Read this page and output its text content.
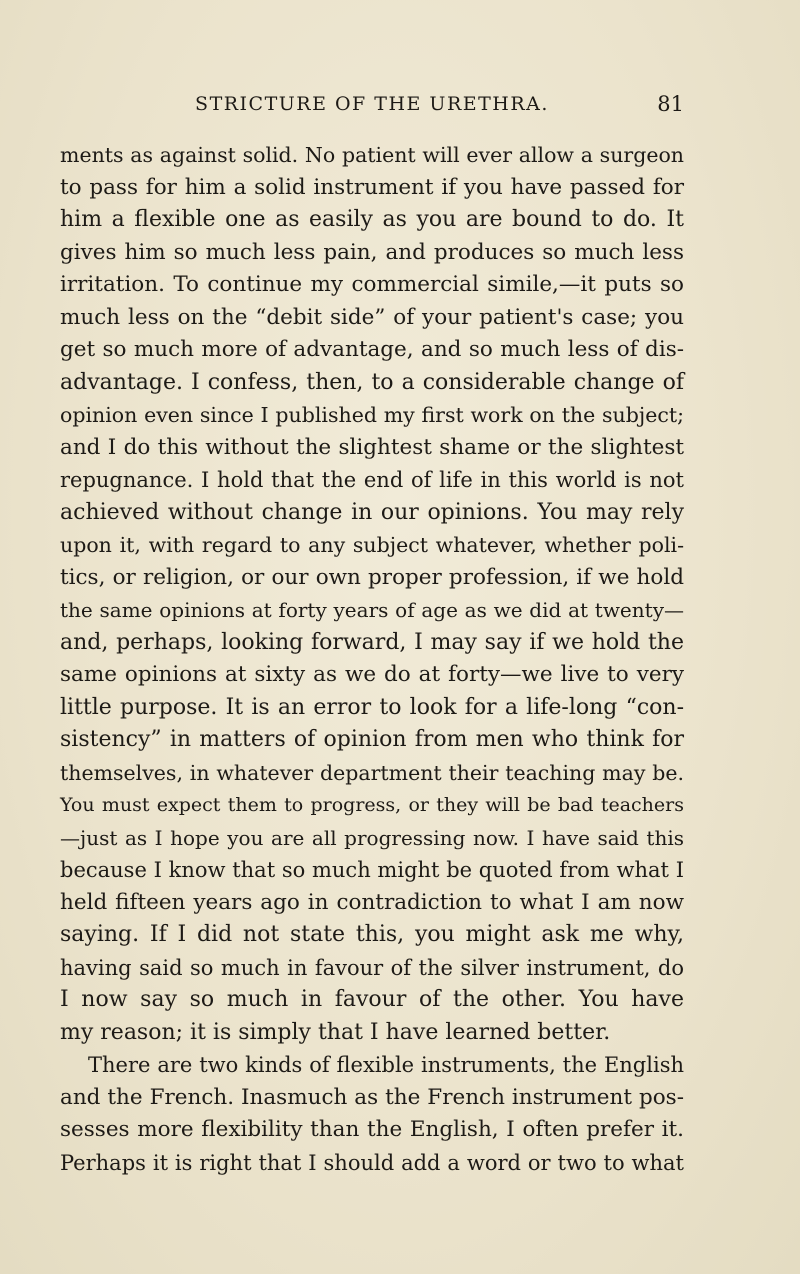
STRICTURE OF THE URETHRA.	81
ments as against solid. No patient will ever allow a surgeon
to pass for him a solid instrument if you have passed for
him a flexible one as easily as you are bound to do. It
gives him so much less pain, and produces so much less
irritation. To continue my commercial simile,—it puts so
much less on the “debit side” of your patient's case; you
get so much more of advantage, and so much less of dis-
advantage. I confess, then, to a considerable change of
opinion even since I published my first work on the subject;
and I do this without the slightest shame or the slightest
repugnance. I hold that the end of life in this world is not
achieved without change in our opinions. You may rely
upon it, with regard to any subject whatever, whether poli-
tics, or religion, or our own proper profession, if we hold
the same opinions at forty years of age as we did at twenty—
and, perhaps, looking forward, I may say if we hold the
same opinions at sixty as we do at forty—we live to very
little purpose. It is an error to look for a life-long “con-
sistency” in matters of opinion from men who think for
themselves, in whatever department their teaching may be.
You must expect them to progress, or they will be bad teachers
—just as I hope you are all progressing now. I have said this
because I know that so much might be quoted from what I
held fifteen years ago in contradiction to what I am now
saying. If I did not state this, you might ask me why,
having said so much in favour of the silver instrument, do
I now say so much in favour of the other. You have
my reason; it is simply that I have learned better.
There are two kinds of flexible instruments, the English
and the French. Inasmuch as the French instrument pos-
sesses more flexibility than the English, I often prefer it.
Perhaps it is right that I should add a word or two to what
